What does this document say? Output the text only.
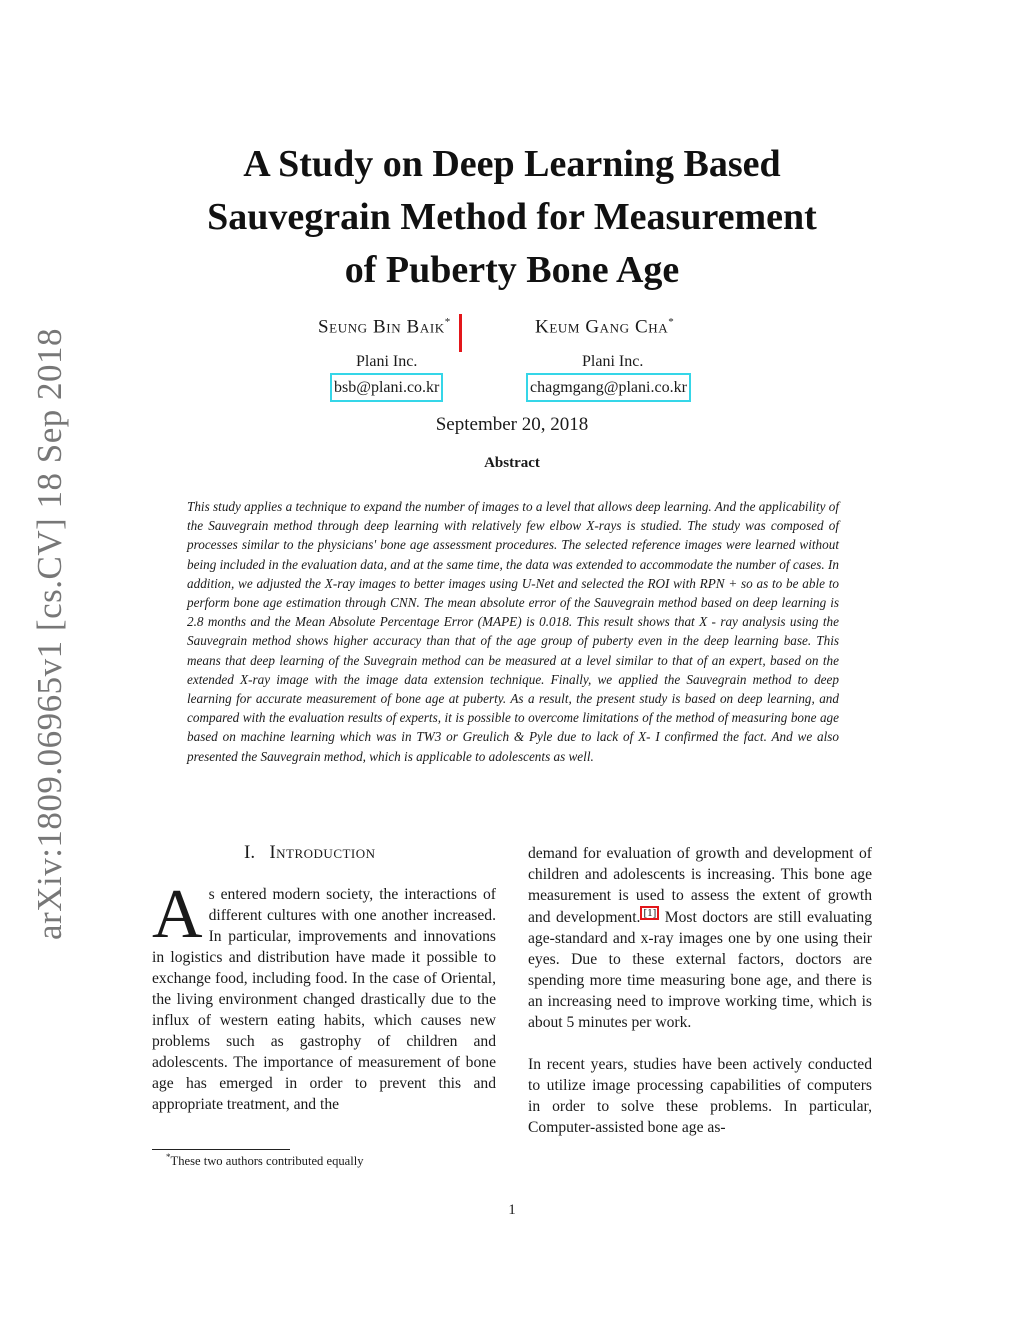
arXiv:1809.06965v1 [cs.CV] 18 Sep 2018
A Study on Deep Learning Based
Sauvegrain Method for Measurement
of Puberty Bone Age
Seung Bin Baik*	Keum Gang Cha*
Plani Inc.	Plani Inc.
bsb@plani.co.kr	chagmgang@plani.co.kr
September 20, 2018
Abstract
This study applies a technique to expand the number of images to a level that allows deep learning. And the applicability of the Sauvegrain method through deep learning with relatively few elbow X-rays is studied. The study was composed of processes similar to the physicians' bone age assessment procedures. The selected reference images were learned without being included in the evaluation data, and at the same time, the data was extended to accommodate the number of cases. In addition, we adjusted the X-ray images to better images using U-Net and selected the ROI with RPN + so as to be able to perform bone age estimation through CNN. The mean absolute error of the Sauvegrain method based on deep learning is 2.8 months and the Mean Absolute Percentage Error (MAPE) is 0.018. This result shows that X - ray analysis using the Sauvegrain method shows higher accuracy than that of the age group of puberty even in the deep learning base. This means that deep learning of the Suvegrain method can be measured at a level similar to that of an expert, based on the extended X-ray image with the image data extension technique. Finally, we applied the Sauvegrain method to deep learning for accurate measurement of bone age at puberty. As a result, the present study is based on deep learning, and compared with the evaluation results of experts, it is possible to overcome limitations of the method of measuring bone age based on machine learning which was in TW3 or Greulich & Pyle due to lack of X- I confirmed the fact. And we also presented the Sauvegrain method, which is applicable to adolescents as well.
I. Introduction
A s entered modern society, the interactions of different cultures with one another increased. In particular, improvements and innovations in logistics and distribution have made it possible to exchange food, including food. In the case of Oriental, the living environment changed drastically due to the influx of western eating habits, which causes new problems such as gastrophy of children and adolescents. The importance of measurement of bone age has emerged in order to prevent this and appropriate treatment, and the

demand for evaluation of growth and development of children and adolescents is increasing. This bone age measurement is used to assess the extent of growth and development. [1] Most doctors are still evaluating age-standard and x-ray images one by one using their eyes. Due to these external factors, doctors are spending more time measuring bone age, and there is an increasing need to improve working time, which is about 5 minutes per work.

In recent years, studies have been actively conducted to utilize image processing capabilities of computers in order to solve these problems. In particular, Computer-assisted bone age as-

*These two authors contributed equally
1
